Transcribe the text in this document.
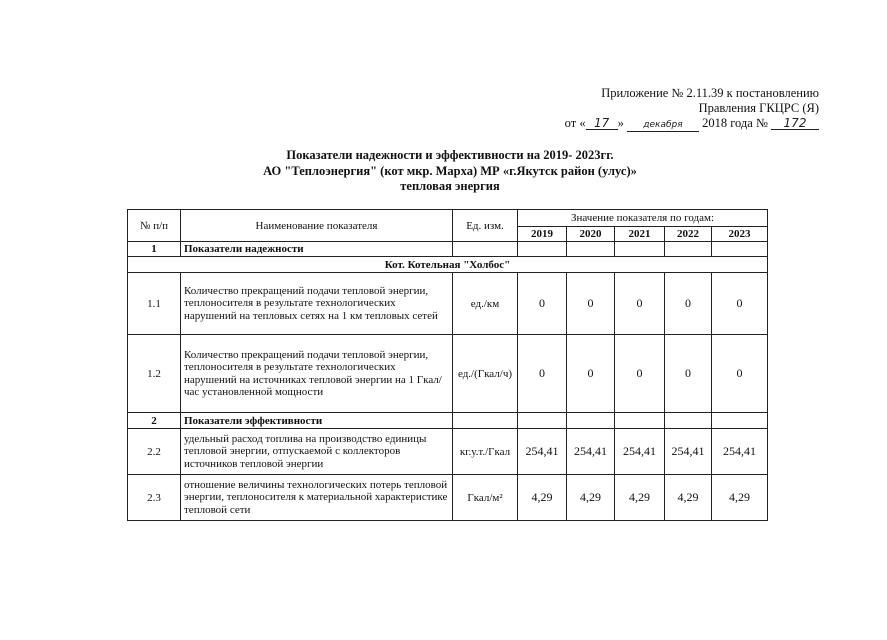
Приложение № 2.11.39 к постановлению
Правления ГКЦРС (Я)
от « 17 » декабря 2018 года № 172
Показатели надежности и эффективности на 2019- 2023гг.
АО "Теплоэнергия" (кот мкр. Марха) МР «г.Якутск район (улус)»
тепловая энергия
№ п/п	Наименование показателя	Ед. изм.	Значение показателя по годам:				
			2019	2020	2021	2022	2023
1	Показатели надежности						
Кот. Котельная "Холбос"							
1.1	Количество прекращений подачи тепловой энергии, теплоносителя в результате технологических нарушений на тепловых сетях на 1 км тепловых сетей	ед./км	0	0	0	0	0
1.2	Количество прекращений подачи тепловой энергии, теплоносителя в результате технологических нарушений на источниках тепловой энергии на 1 Гкал/час установленной мощности	ед./(Гкал/ч)	0	0	0	0	0
2	Показатели эффективности						
2.2	удельный расход топлива на производство единицы тепловой энергии, отпускаемой с коллекторов источников тепловой энергии	кг.у.т./Гкал	254,41	254,41	254,41	254,41	254,41
2.3	отношение величины технологических потерь тепловой энергии, теплоносителя к материальной характеристике тепловой сети	Гкал/м²	4,29	4,29	4,29	4,29	4,29
